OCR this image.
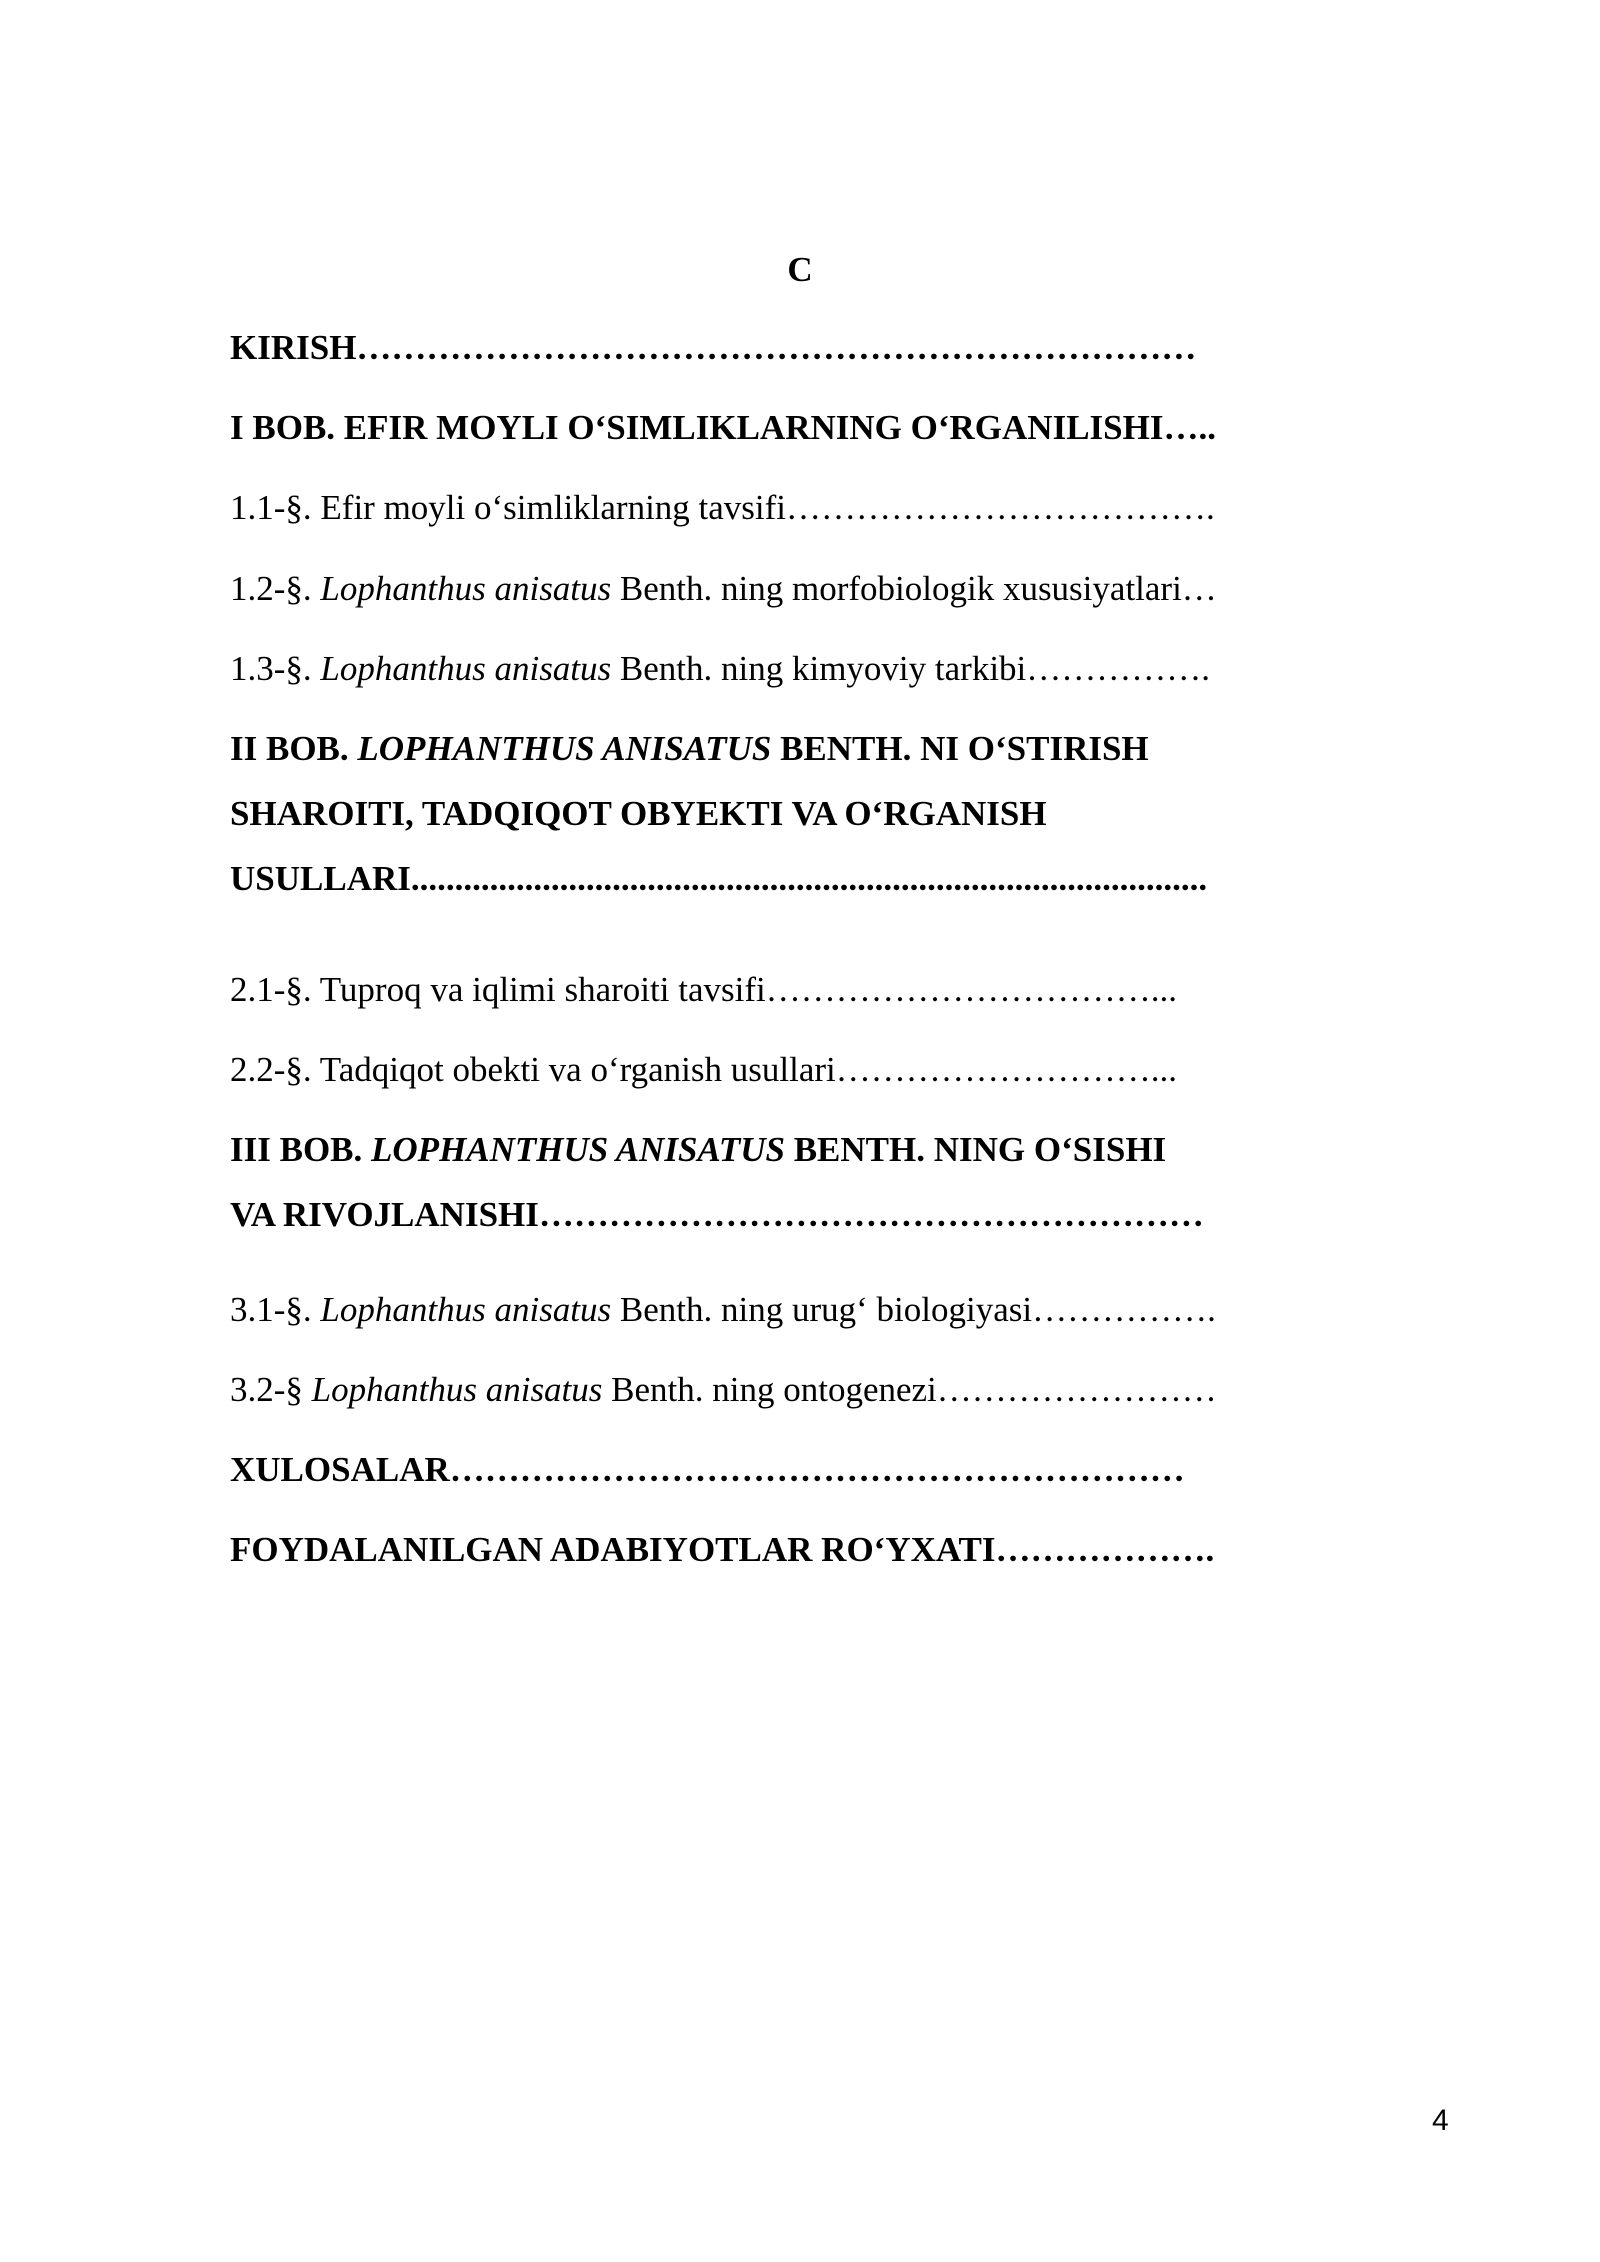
C
KIRISH………………………………………………………………
I BOB. EFIR MOYLI O‘SIMLIKLARNING O‘RGANILISHI…..
1.1-§. Efir moyli o‘simliklarning tavsifi……………………………….
1.2-§. Lophanthus anisatus Benth. ning morfobiologik xususiyatlari…
1.3-§. Lophanthus anisatus Benth. ning kimyoviy tarkibi…………….
II BOB. LOPHANTHUS ANISATUS BENTH. NI O‘STIRISH
SHAROITI, TADQIQOT OBYEKTI VA O‘RGANISH
USULLARI...........................................................................................
2.1-§. Tuproq va iqlimi sharoiti tavsifi……………………………...
2.2-§. Tadqiqot obekti va o‘rganish usullari………………………...
III BOB. LOPHANTHUS ANISATUS BENTH. NING O‘SISHI
VA RIVOJLANISHI…………………………………………………
3.1-§. Lophanthus anisatus Benth. ning urug‘ biologiyasi…………….
3.2-§ Lophanthus anisatus Benth. ning ontogenezi……………………
XULOSALAR………………………………………………………
FOYDALANILGAN ADABIYOTLAR RO‘YXATI……………….
4
